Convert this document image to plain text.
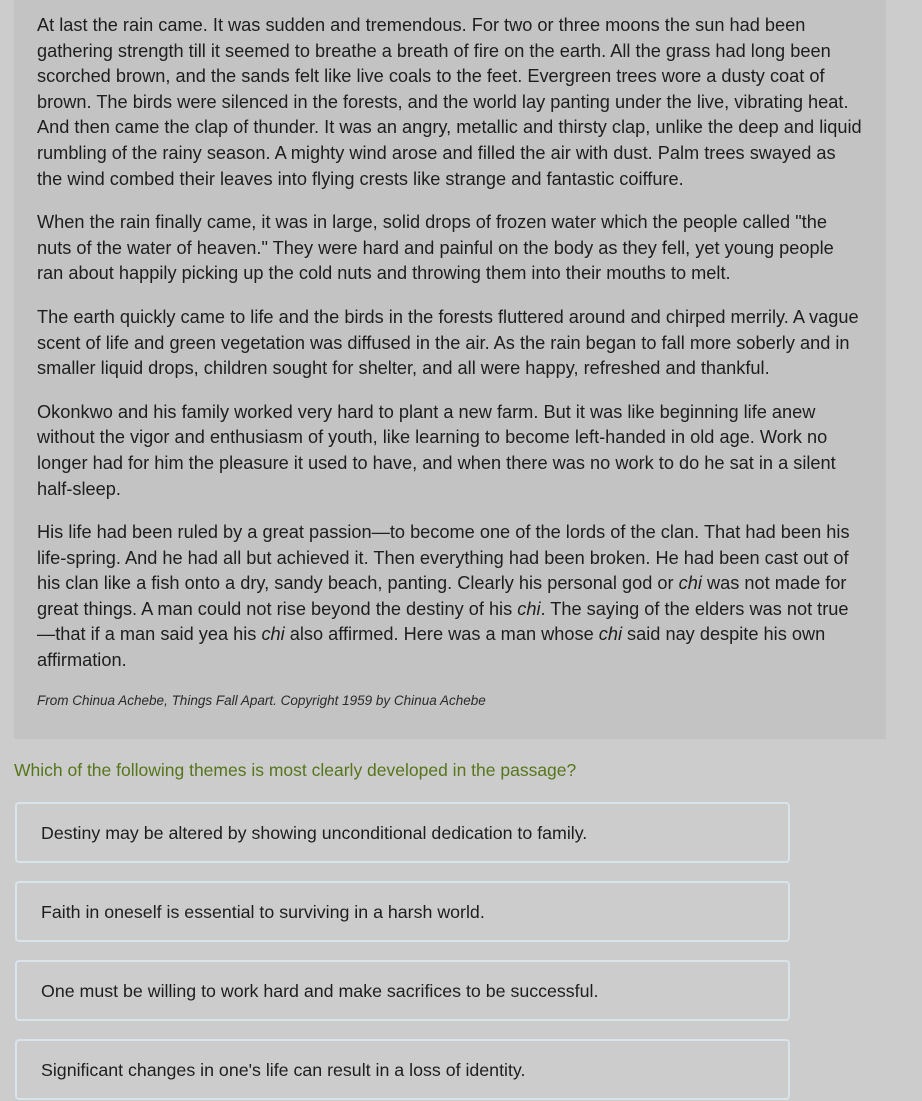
At last the rain came. It was sudden and tremendous. For two or three moons the sun had been gathering strength till it seemed to breathe a breath of fire on the earth. All the grass had long been scorched brown, and the sands felt like live coals to the feet. Evergreen trees wore a dusty coat of brown. The birds were silenced in the forests, and the world lay panting under the live, vibrating heat. And then came the clap of thunder. It was an angry, metallic and thirsty clap, unlike the deep and liquid rumbling of the rainy season. A mighty wind arose and filled the air with dust. Palm trees swayed as the wind combed their leaves into flying crests like strange and fantastic coiffure.

When the rain finally came, it was in large, solid drops of frozen water which the people called "the nuts of the water of heaven." They were hard and painful on the body as they fell, yet young people ran about happily picking up the cold nuts and throwing them into their mouths to melt.

The earth quickly came to life and the birds in the forests fluttered around and chirped merrily. A vague scent of life and green vegetation was diffused in the air. As the rain began to fall more soberly and in smaller liquid drops, children sought for shelter, and all were happy, refreshed and thankful.

Okonkwo and his family worked very hard to plant a new farm. But it was like beginning life anew without the vigor and enthusiasm of youth, like learning to become left-handed in old age. Work no longer had for him the pleasure it used to have, and when there was no work to do he sat in a silent half-sleep.

His life had been ruled by a great passion—to become one of the lords of the clan. That had been his life-spring. And he had all but achieved it. Then everything had been broken. He had been cast out of his clan like a fish onto a dry, sandy beach, panting. Clearly his personal god or chi was not made for great things. A man could not rise beyond the destiny of his chi. The saying of the elders was not true—that if a man said yea his chi also affirmed. Here was a man whose chi said nay despite his own affirmation.

From Chinua Achebe, Things Fall Apart. Copyright 1959 by Chinua Achebe

Which of the following themes is most clearly developed in the passage?
Destiny may be altered by showing unconditional dedication to family.
Faith in oneself is essential to surviving in a harsh world.
One must be willing to work hard and make sacrifices to be successful.
Significant changes in one's life can result in a loss of identity.
